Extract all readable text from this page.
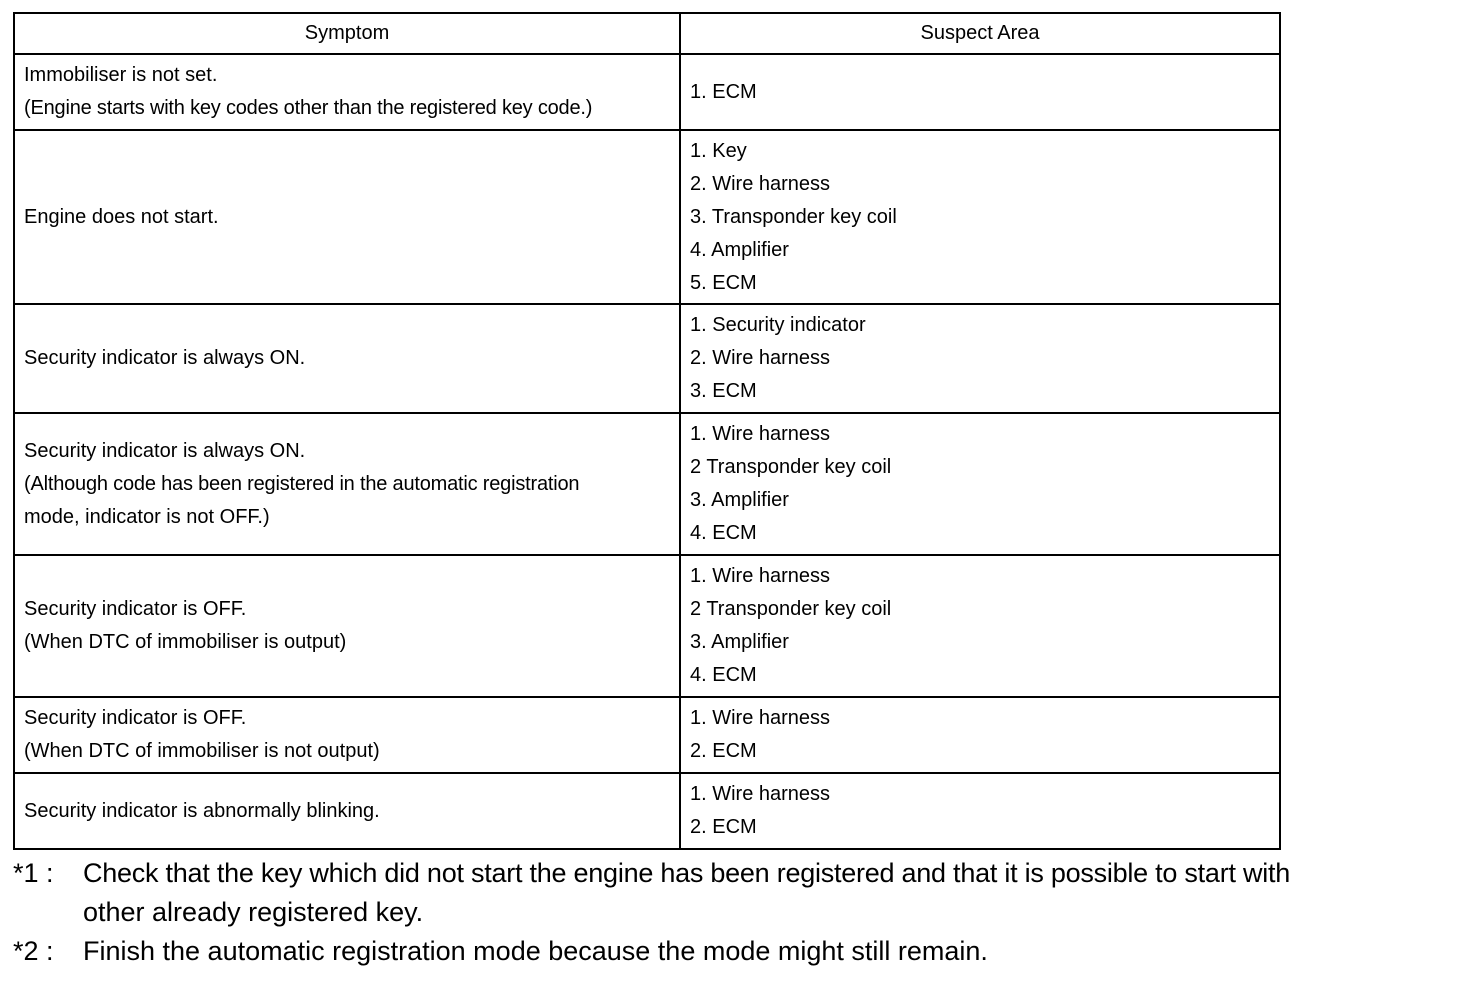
Symptom	Suspect Area

Immobiliser is not set.
(Engine starts with key codes other than the registered key code.)	1. ECM

Engine does not start.	1. Key
2. Wire harness
3. Transponder key coil
4. Amplifier
5. ECM

Security indicator is always ON.	1. Security indicator
2. Wire harness
3. ECM

Security indicator is always ON.
(Although code has been registered in the automatic registration
mode, indicator is not OFF.)	1. Wire harness
2 Transponder key coil
3. Amplifier
4. ECM

Security indicator is OFF.
(When DTC of immobiliser is output)	1. Wire harness
2 Transponder key coil
3. Amplifier
4. ECM

Security indicator is OFF.
(When DTC of immobiliser is not output)	1. Wire harness
2. ECM

Security indicator is abnormally blinking.	1. Wire harness
2. ECM
*1 : Check that the key which did not start the engine has been registered and that it is possible to start with
other already registered key.
*2 : Finish the automatic registration mode because the mode might still remain.
